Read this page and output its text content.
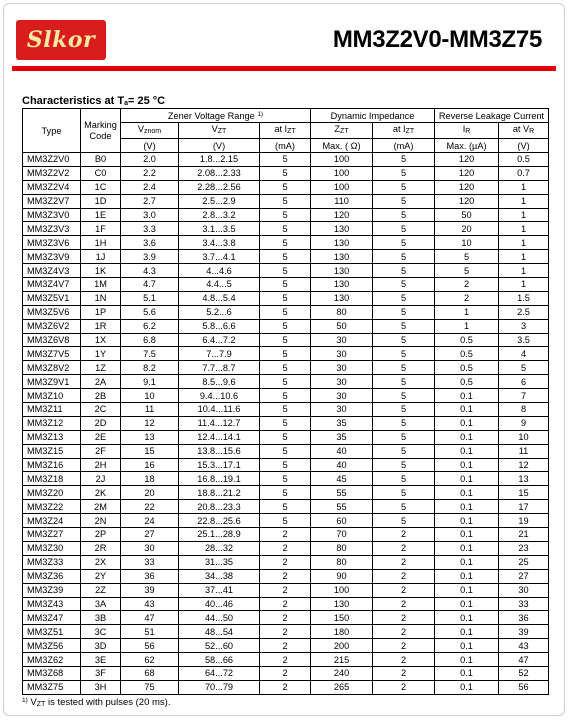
Slkor	MM3Z2V0-MM3Z75
Characteristics at $T_a= 25$ °C
Type	Marking Code	Zener Voltage Range $^{1)}$			Dynamic Impedance		Reverse Leakage Current	
		$V_{znom}$	$V_{ZT}$	at $I_{ZT}$	$Z_{ZT}$	at $I_{ZT}$	$I_R$	at $V_R$
		(V)	(V)	(mA)	Max. ( Ω)	(mA)	Max. (µA)	(V)
MM3Z2V0	B0	2.0	1.8...2.15	5	100	5	120	0.5
MM3Z2V2	C0	2.2	2.08...2.33	5	100	5	120	0.7
MM3Z2V4	1C	2.4	2.28...2.56	5	100	5	120	1
MM3Z2V7	1D	2.7	2.5...2.9	5	110	5	120	1
MM3Z3V0	1E	3.0	2.8...3.2	5	120	5	50	1
MM3Z3V3	1F	3.3	3.1...3.5	5	130	5	20	1
MM3Z3V6	1H	3.6	3.4...3.8	5	130	5	10	1
MM3Z3V9	1J	3.9	3.7...4.1	5	130	5	5	1
MM3Z4V3	1K	4.3	4...4.6	5	130	5	5	1
MM3Z4V7	1M	4.7	4.4...5	5	130	5	2	1
MM3Z5V1	1N	5.1	4.8...5.4	5	130	5	2	1.5
MM3Z5V6	1P	5.6	5.2...6	5	80	5	1	2.5
MM3Z6V2	1R	6.2	5.8...6.6	5	50	5	1	3
MM3Z6V8	1X	6.8	6.4...7.2	5	30	5	0.5	3.5
MM3Z7V5	1Y	7.5	7...7.9	5	30	5	0.5	4
MM3Z8V2	1Z	8.2	7.7...8.7	5	30	5	0.5	5
MM3Z9V1	2A	9.1	8.5...9.6	5	30	5	0.5	6
MM3Z10	2B	10	9.4...10.6	5	30	5	0.1	7
MM3Z11	2C	11	10.4...11.6	5	30	5	0.1	8
MM3Z12	2D	12	11.4...12.7	5	35	5	0.1	9
MM3Z13	2E	13	12.4...14.1	5	35	5	0.1	10
MM3Z15	2F	15	13.8...15.6	5	40	5	0.1	11
MM3Z16	2H	16	15.3...17.1	5	40	5	0.1	12
MM3Z18	2J	18	16.8...19.1	5	45	5	0.1	13
MM3Z20	2K	20	18.8...21.2	5	55	5	0.1	15
MM3Z22	2M	22	20.8...23.3	5	55	5	0.1	17
MM3Z24	2N	24	22.8...25.6	5	60	5	0.1	19
MM3Z27	2P	27	25.1...28.9	2	70	2	0.1	21
MM3Z30	2R	30	28...32	2	80	2	0.1	23
MM3Z33	2X	33	31...35	2	80	2	0.1	25
MM3Z36	2Y	36	34...38	2	90	2	0.1	27
MM3Z39	2Z	39	37...41	2	100	2	0.1	30
MM3Z43	3A	43	40...46	2	130	2	0.1	33
MM3Z47	3B	47	44...50	2	150	2	0.1	36
MM3Z51	3C	51	48...54	2	180	2	0.1	39
MM3Z56	3D	56	52...60	2	200	2	0.1	43
MM3Z62	3E	62	58...66	2	215	2	0.1	47
MM3Z68	3F	68	64...72	2	240	2	0.1	52
MM3Z75	3H	75	70...79	2	265	2	0.1	56
$^{1)}$ $V_{ZT}$ is tested with pulses (20 ms).
